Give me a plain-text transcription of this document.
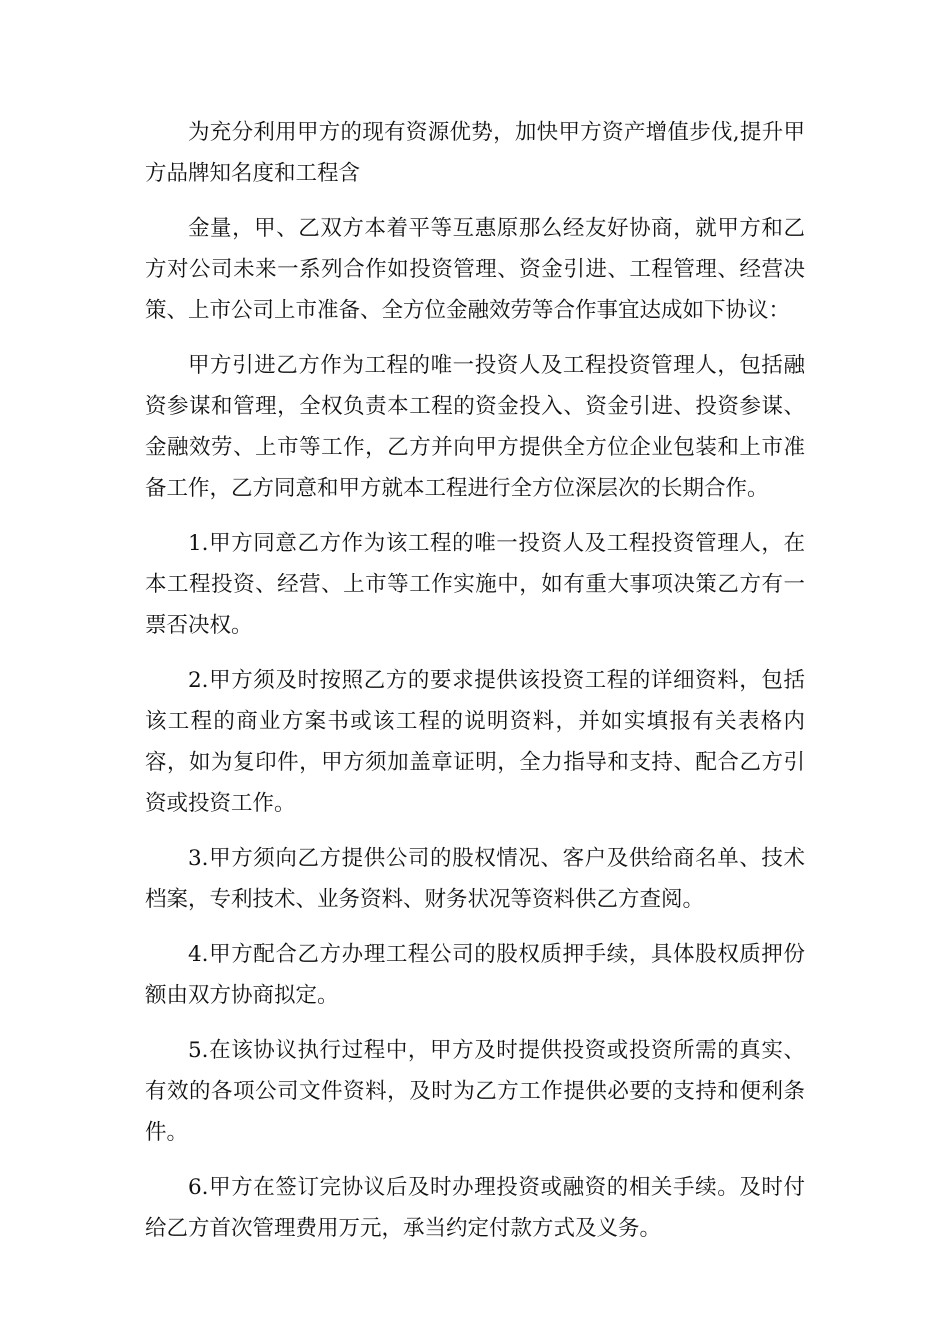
为充分利用甲方的现有资源优势，加快甲方资产增值步伐,提升甲方品牌知名度和工程含

金量，甲、乙双方本着平等互惠原那么经友好协商，就甲方和乙方对公司未来一系列合作如投资管理、资金引进、工程管理、经营决策、上市公司上市准备、全方位金融效劳等合作事宜达成如下协议：

甲方引进乙方作为工程的唯一投资人及工程投资管理人，包括融资参谋和管理，全权负责本工程的资金投入、资金引进、投资参谋、金融效劳、上市等工作，乙方并向甲方提供全方位企业包装和上市准备工作，乙方同意和甲方就本工程进行全方位深层次的长期合作。

1.甲方同意乙方作为该工程的唯一投资人及工程投资管理人，在本工程投资、经营、上市等工作实施中，如有重大事项决策乙方有一票否决权。

2.甲方须及时按照乙方的要求提供该投资工程的详细资料，包括该工程的商业方案书或该工程的说明资料，并如实填报有关表格内容，如为复印件，甲方须加盖章证明，全力指导和支持、配合乙方引资或投资工作。

3.甲方须向乙方提供公司的股权情况、客户及供给商名单、技术档案，专利技术、业务资料、财务状况等资料供乙方查阅。

4.甲方配合乙方办理工程公司的股权质押手续，具体股权质押份额由双方协商拟定。

5.在该协议执行过程中，甲方及时提供投资或投资所需的真实、有效的各项公司文件资料，及时为乙方工作提供必要的支持和便利条件。

6.甲方在签订完协议后及时办理投资或融资的相关手续。及时付给乙方首次管理费用万元，承当约定付款方式及义务。
